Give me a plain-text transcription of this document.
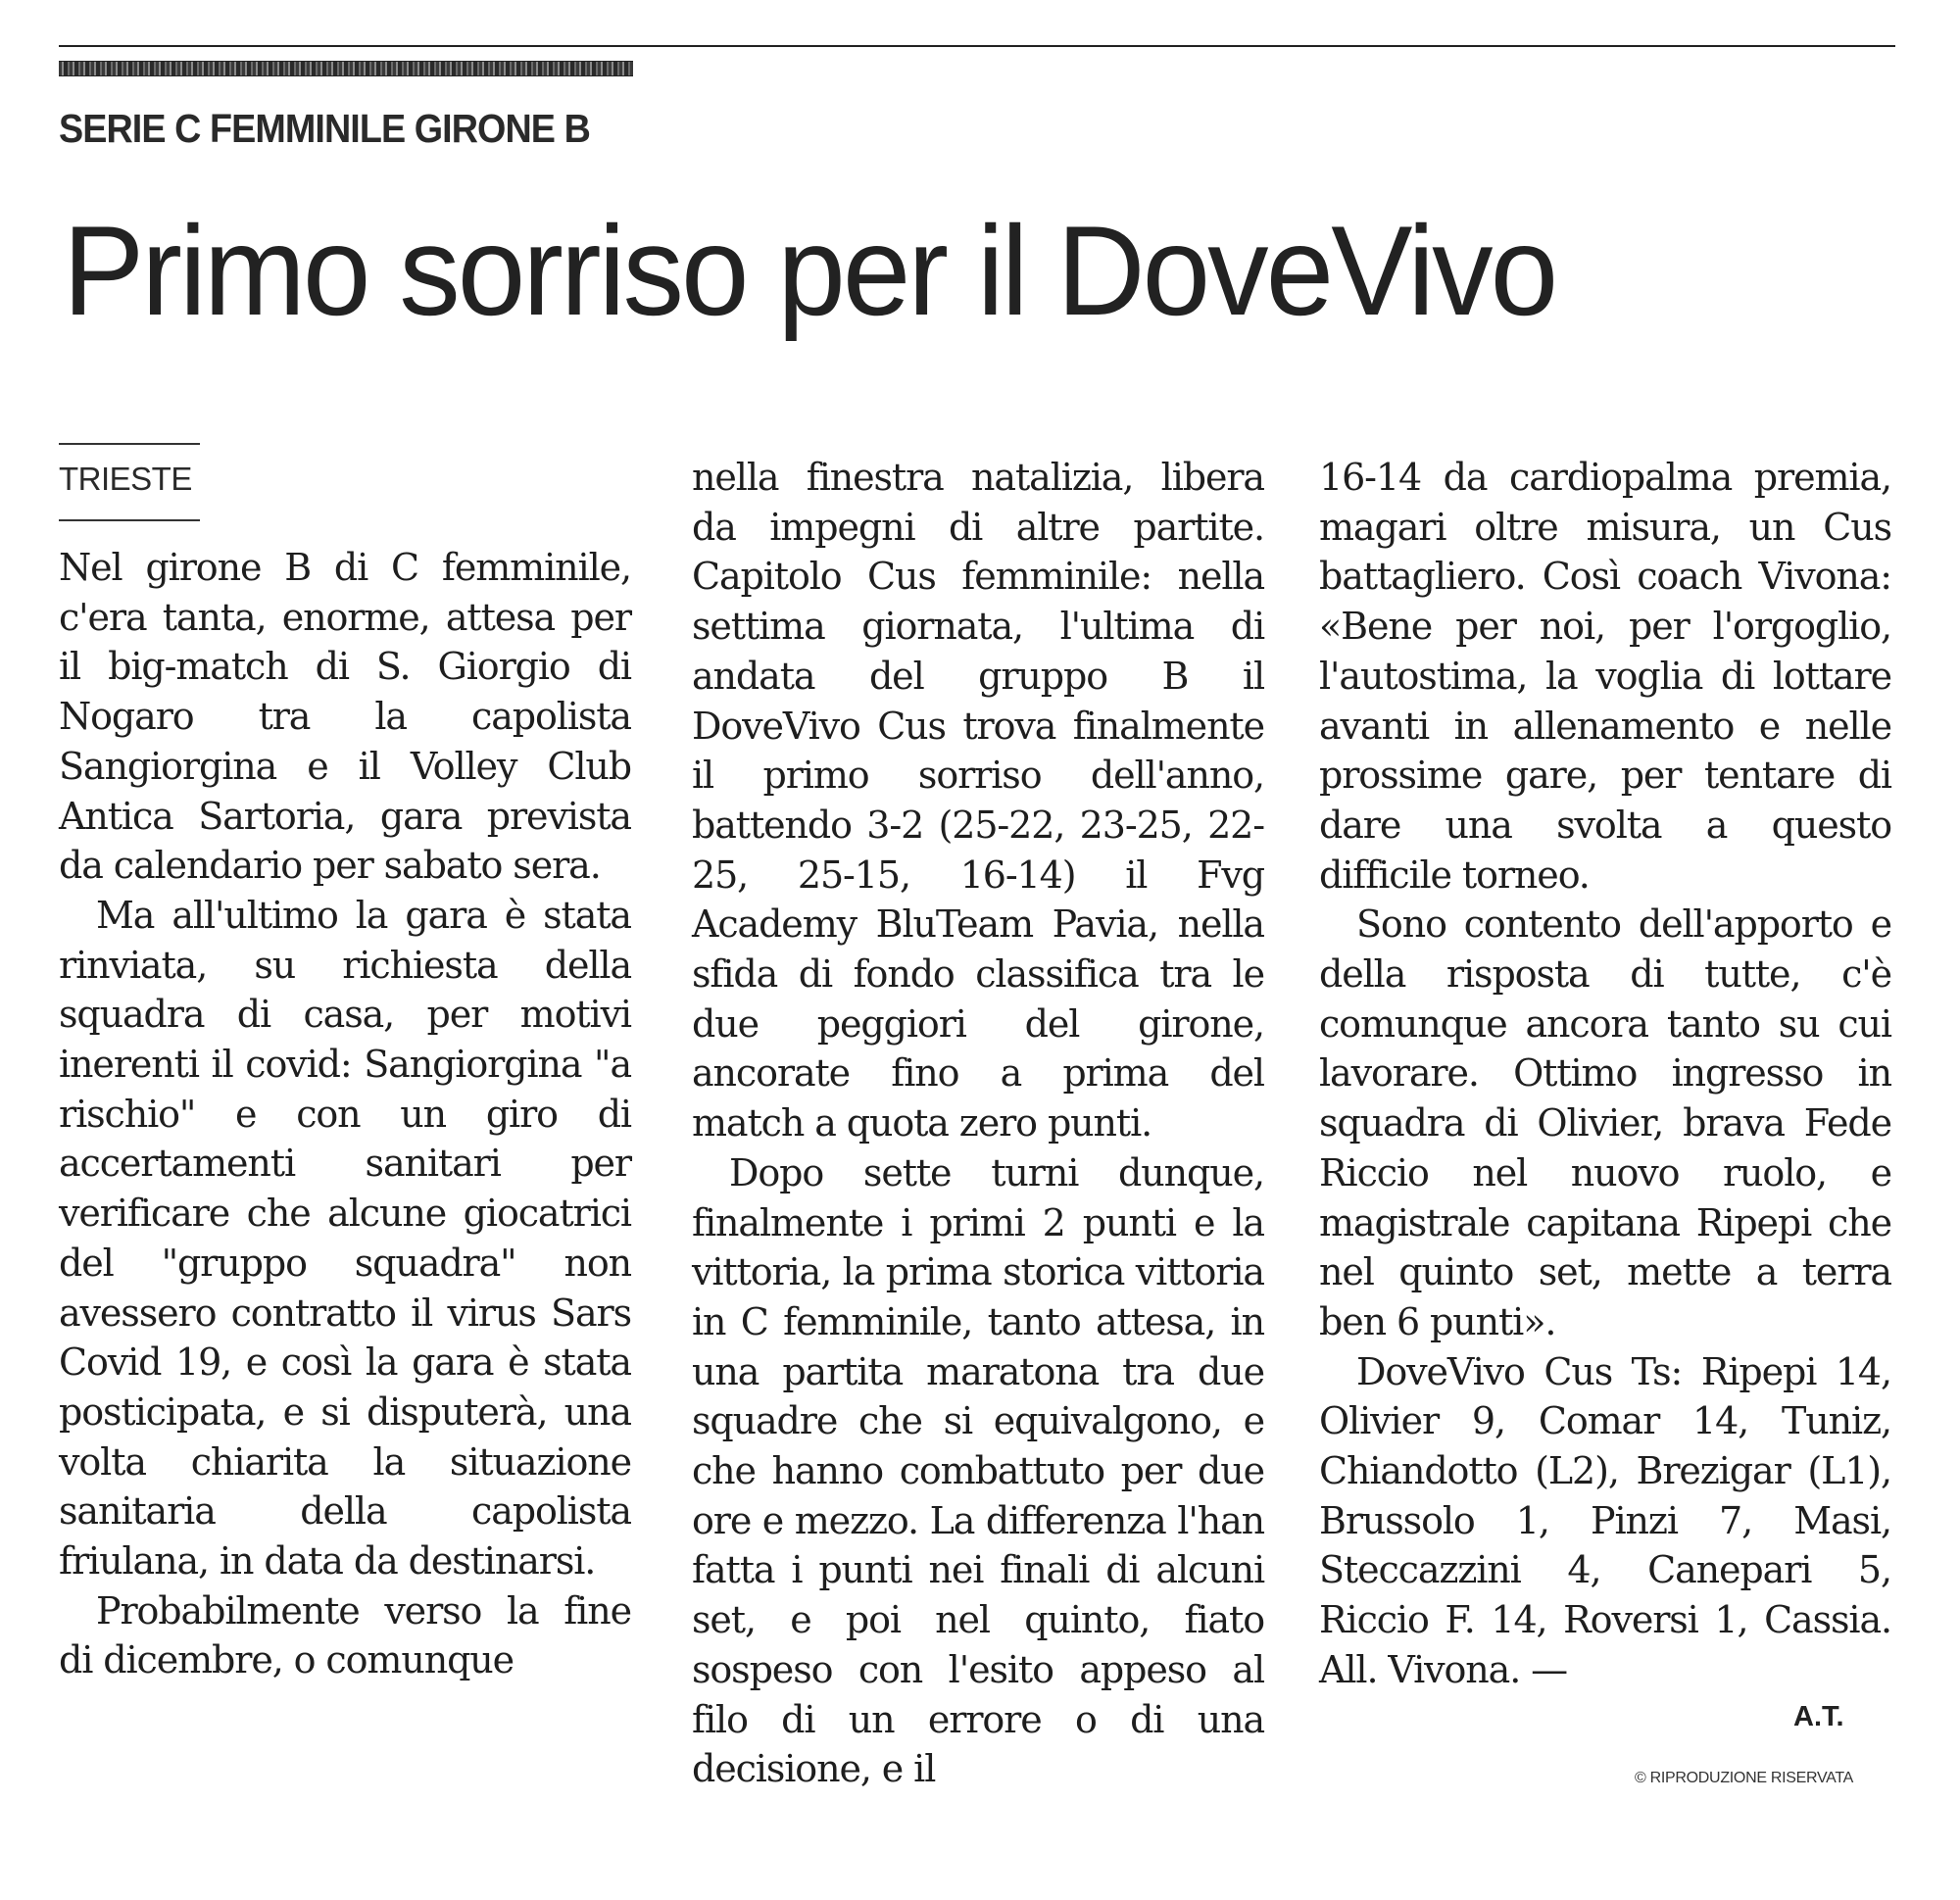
SERIE C FEMMINILE GIRONE B
Primo sorriso per il DoveVivo
TRIESTE

Nel girone B di C femminile, c'era tanta, enorme, attesa per il big-match di S. Giorgio di Nogaro tra la capolista Sangiorgina e il Volley Club Antica Sartoria, gara prevista da calendario per sabato sera.

Ma all'ultimo la gara è stata rinviata, su richiesta della squadra di casa, per motivi inerenti il covid: Sangiorgina "a rischio" e con un giro di accertamenti sanitari per verificare che alcune giocatrici del "gruppo squadra" non avessero contratto il virus Sars Covid 19, e così la gara è stata posticipata, e si disputerà, una volta chiarita la situazione sanitaria della capolista friulana, in data da destinarsi.

Probabilmente verso la fine di dicembre, o comunque

nella finestra natalizia, libera da impegni di altre partite. Capitolo Cus femminile: nella settima giornata, l'ultima di andata del gruppo B il DoveVivo Cus trova finalmente il primo sorriso dell'anno, battendo 3-2 (25-22, 23-25, 22-25, 25-15, 16-14) il Fvg Academy BluTeam Pavia, nella sfida di fondo classifica tra le due peggiori del girone, ancorate fino a prima del match a quota zero punti.

Dopo sette turni dunque, finalmente i primi 2 punti e la vittoria, la prima storica vittoria in C femminile, tanto attesa, in una partita maratona tra due squadre che si equivalgono, e che hanno combattuto per due ore e mezzo. La differenza l'han fatta i punti nei finali di alcuni set, e poi nel quinto, fiato sospeso con l'esito appeso al filo di un errore o di una decisione, e il

16-14 da cardiopalma premia, magari oltre misura, un Cus battagliero. Così coach Vivona: «Bene per noi, per l'orgoglio, l'autostima, la voglia di lottare avanti in allenamento e nelle prossime gare, per tentare di dare una svolta a questo difficile torneo.

Sono contento dell'apporto e della risposta di tutte, c'è comunque ancora tanto su cui lavorare. Ottimo ingresso in squadra di Olivier, brava Fede Riccio nel nuovo ruolo, e magistrale capitana Ripepi che nel quinto set, mette a terra ben 6 punti».

DoveVivo Cus Ts: Ripepi 14, Olivier 9, Comar 14, Tuniz, Chiandotto (L2), Brezigar (L1), Brussolo 1, Pinzi 7, Masi, Steccazzini 4, Canepari 5, Riccio F. 14, Roversi 1, Cassia. All. Vivona. —

A.T.
© RIPRODUZIONE RISERVATA
